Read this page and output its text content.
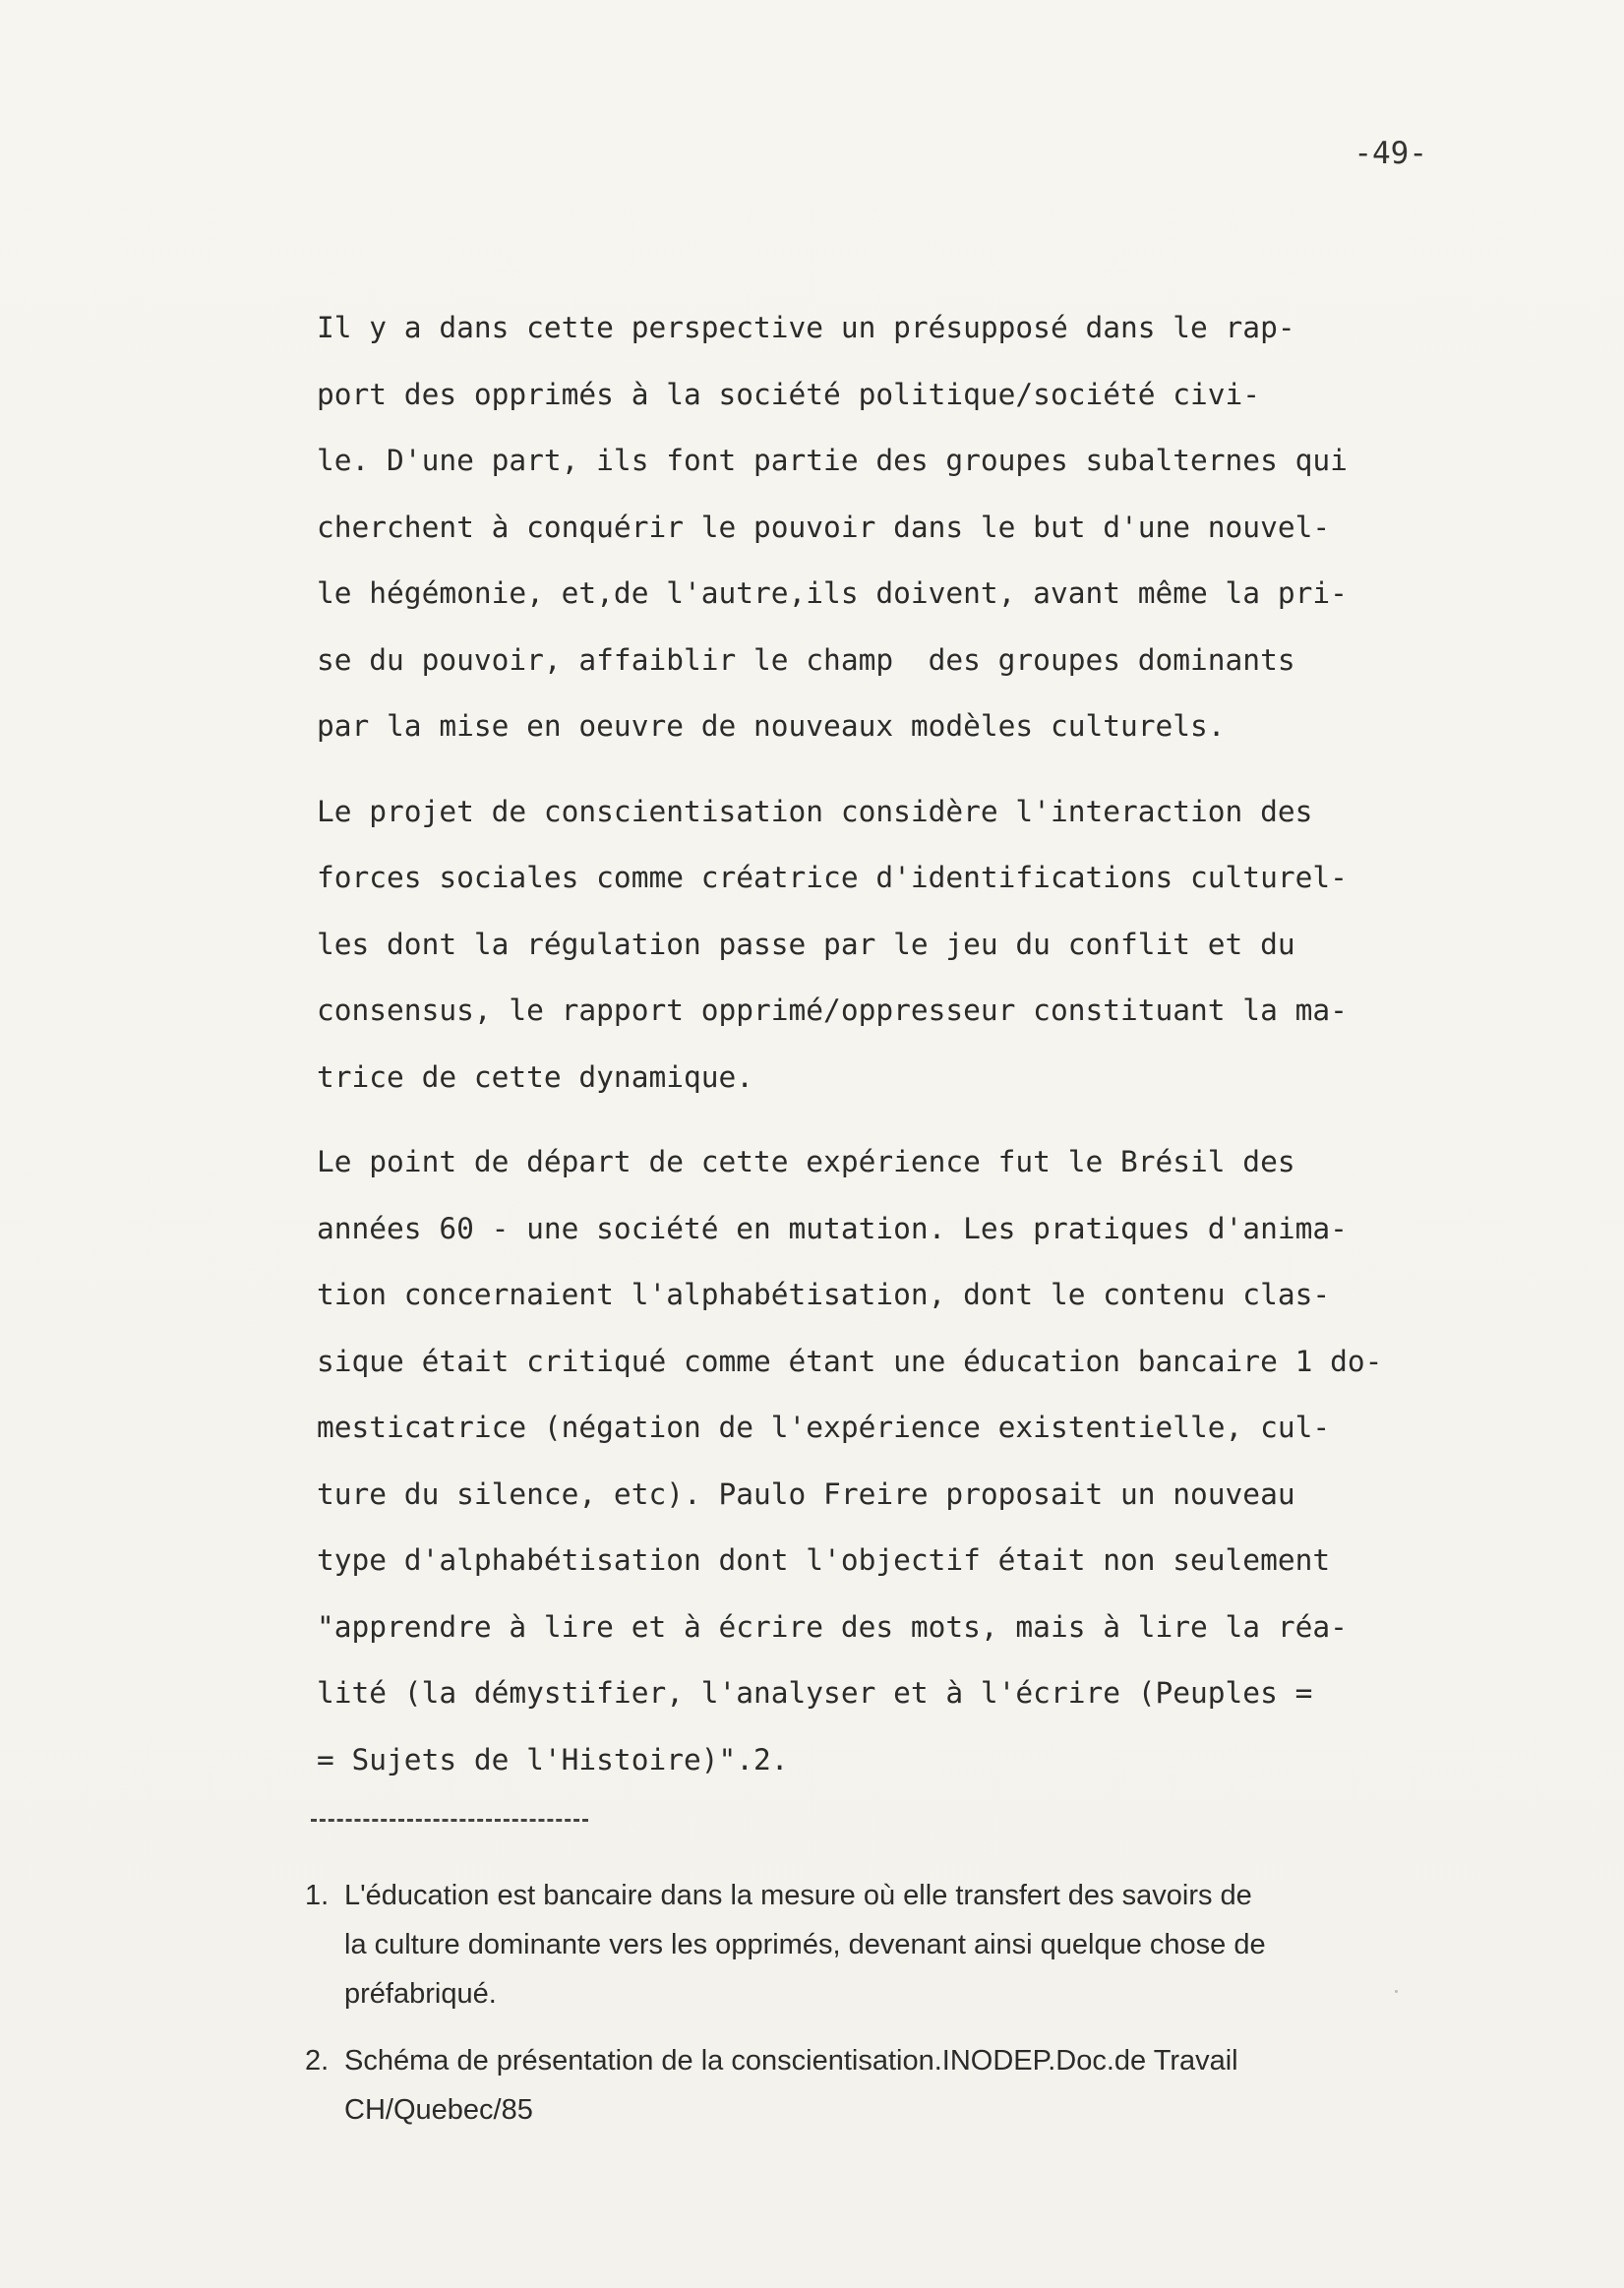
-49-
Il y a dans cette perspective un présupposé dans le rap-
port des opprimés à la société politique/société civi-
le. D'une part, ils font partie des groupes subalternes qui
cherchent à conquérir le pouvoir dans le but d'une nouvel-
le hégémonie, et,de l'autre,ils doivent, avant même la pri-
se du pouvoir, affaiblir le champ  des groupes dominants
par la mise en oeuvre de nouveaux modèles culturels.
Le projet de conscientisation considère l'interaction des
forces sociales comme créatrice d'identifications culturel-
les dont la régulation passe par le jeu du conflit et du
consensus, le rapport opprimé/oppresseur constituant la ma-
trice de cette dynamique.
Le point de départ de cette expérience fut le Brésil des
années 60 - une société en mutation. Les pratiques d'anima-
tion concernaient l'alphabétisation, dont le contenu clas-
sique était critiqué comme étant une éducation bancaire 1 do-
mesticatrice (négation de l'expérience existentielle, cul-
ture du silence, etc). Paulo Freire proposait un nouveau
type d'alphabétisation dont l'objectif était non seulement
"apprendre à lire et à écrire des mots, mais à lire la réa-
lité (la démystifier, l'analyser et à l'écrire (Peuples =
= Sujets de l'Histoire)".2.
1. L'éducation est bancaire dans la mesure où elle transfert des savoirs de
la culture dominante vers les opprimés, devenant ainsi quelque chose de
préfabriqué.
2. Schéma de présentation de la conscientisation.INODEP.Doc.de Travail
CH/Quebec/85
